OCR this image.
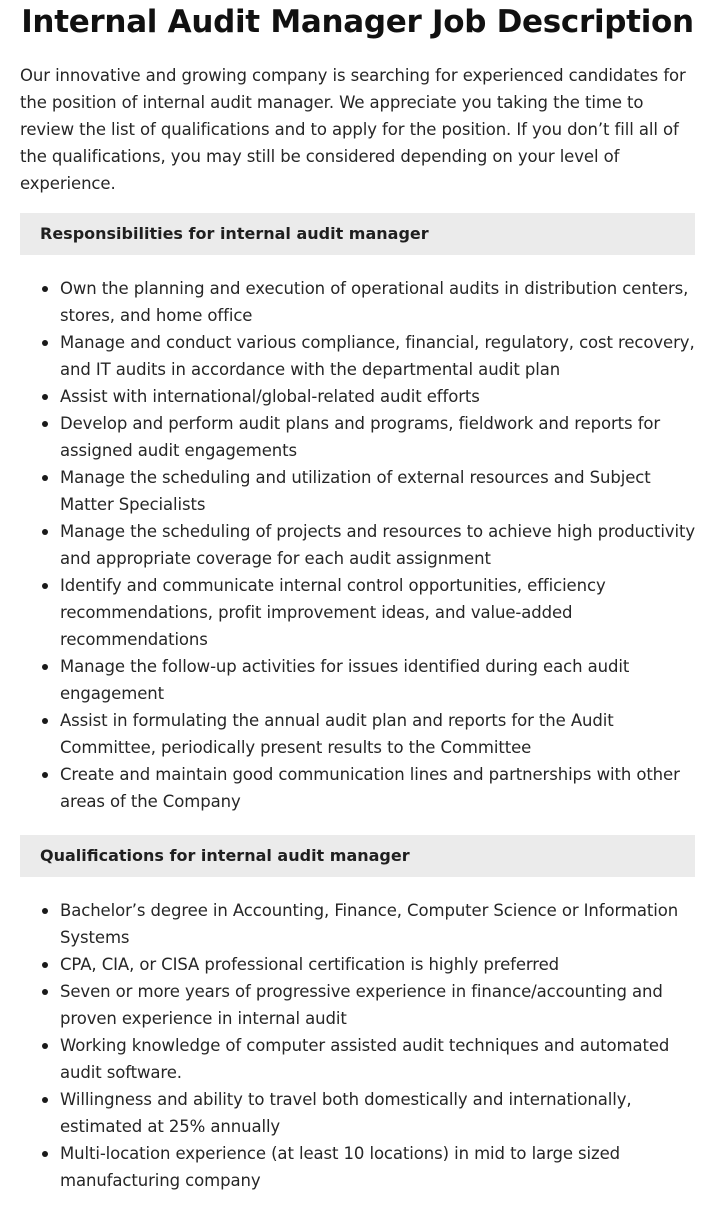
Internal Audit Manager Job Description

Our innovative and growing company is searching for experienced candidates for the position of internal audit manager. We appreciate you taking the time to review the list of qualifications and to apply for the position. If you don’t fill all of the qualifications, you may still be considered depending on your level of experience.

Responsibilities for internal audit manager
Own the planning and execution of operational audits in distribution centers, stores, and home office
Manage and conduct various compliance, financial, regulatory, cost recovery, and IT audits in accordance with the departmental audit plan
Assist with international/global-related audit efforts
Develop and perform audit plans and programs, fieldwork and reports for assigned audit engagements
Manage the scheduling and utilization of external resources and Subject Matter Specialists
Manage the scheduling of projects and resources to achieve high productivity and appropriate coverage for each audit assignment
Identify and communicate internal control opportunities, efficiency recommendations, profit improvement ideas, and value-added recommendations
Manage the follow-up activities for issues identified during each audit engagement
Assist in formulating the annual audit plan and reports for the Audit Committee, periodically present results to the Committee
Create and maintain good communication lines and partnerships with other areas of the Company
Qualifications for internal audit manager
Bachelor’s degree in Accounting, Finance, Computer Science or Information Systems
CPA, CIA, or CISA professional certification is highly preferred
Seven or more years of progressive experience in finance/accounting and proven experience in internal audit
Working knowledge of computer assisted audit techniques and automated audit software.
Willingness and ability to travel both domestically and internationally, estimated at 25% annually
Multi-location experience (at least 10 locations) in mid to large sized manufacturing company
